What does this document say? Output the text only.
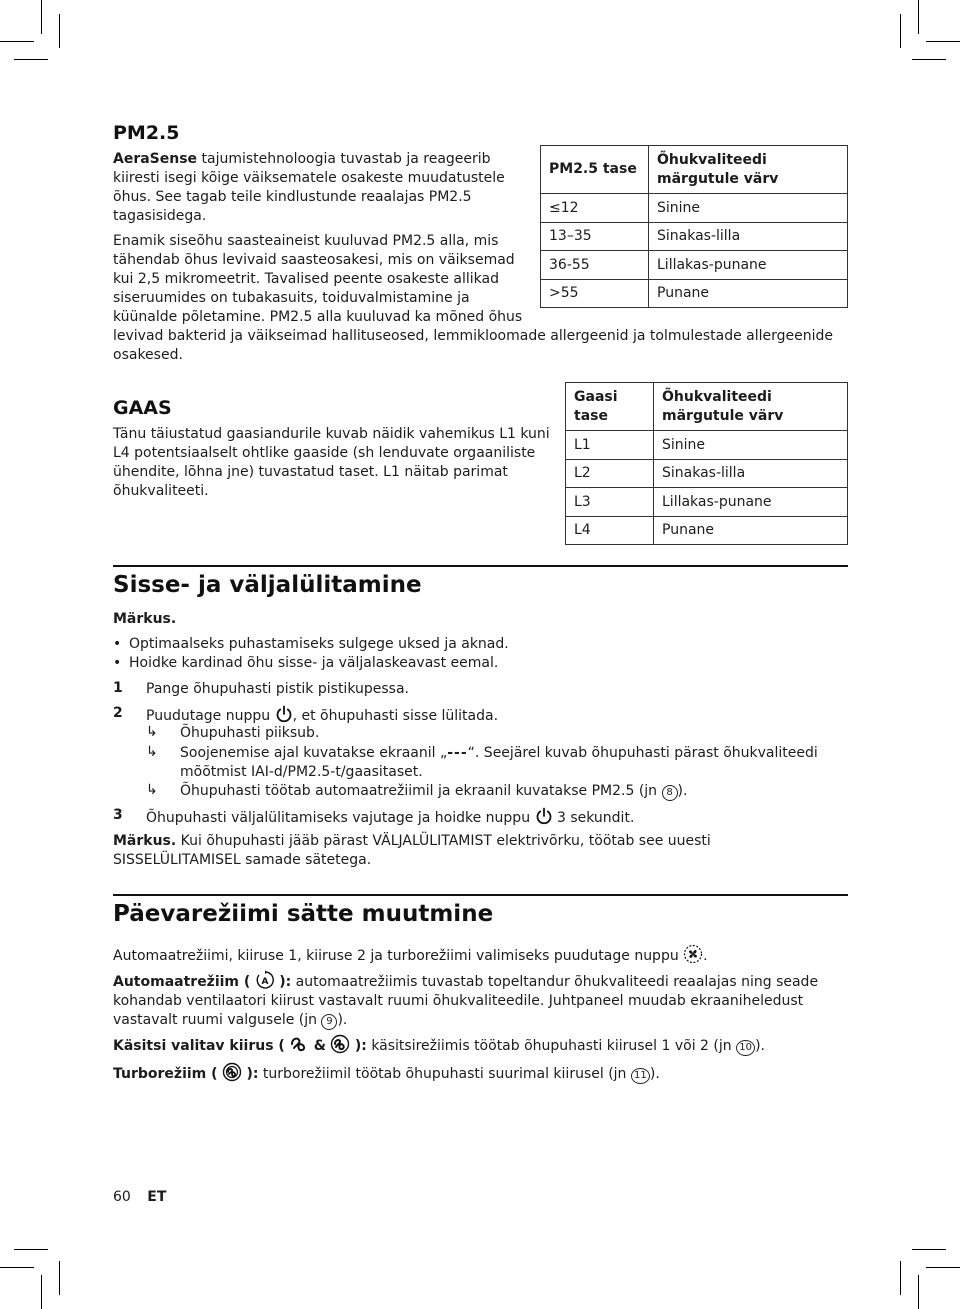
PM2.5
AeraSense tajumistehnoloogia tuvastab ja reageerib
kiiresti isegi kõige väiksematele osakeste muudatustele
õhus. See tagab teile kindlustunde reaalajas PM2.5
tagasisidega.
Enamik siseõhu saasteaineist kuuluvad PM2.5 alla, mis
tähendab õhus levivaid saasteosakesi, mis on väiksemad
kui 2,5 mikromeetrit. Tavalised peente osakeste allikad
siseruumides on tubakasuits, toiduvalmistamine ja
küünalde põletamine. PM2.5 alla kuuluvad ka mõned õhus
levivad bakterid ja väikseimad hallituseosed, lemmikloomade allergeenid ja tolmulestade allergeenide
osakesed.
PM2.5 tase	Õhukvaliteedi märgutule värv
≤12	Sinine
13–35	Sinakas-lilla
36-55	Lillakas-punane
>55	Punane
GAAS
Tänu täiustatud gaasiandurile kuvab näidik vahemikus L1 kuni
L4 potentsiaalselt ohtlike gaaside (sh lenduvate orgaaniliste
ühendite, lõhna jne) tuvastatud taset. L1 näitab parimat
õhukvaliteeti.
Gaasi tase	Õhukvaliteedi märgutule värv
L1	Sinine
L2	Sinakas-lilla
L3	Lillakas-punane
L4	Punane
Sisse- ja väljalülitamine
Märkus.
• Optimaalseks puhastamiseks sulgege uksed ja aknad.
• Hoidke kardinad õhu sisse- ja väljalaskeavast eemal.
1 Pange õhupuhasti pistik pistikupessa.
2 Puudutage nuppu , et õhupuhasti sisse lülitada.
↳ Õhupuhasti piiksub.
↳ Soojenemise ajal kuvatakse ekraanil „---“. Seejärel kuvab õhupuhasti pärast õhukvaliteedi
mõõtmist IAI-d/PM2.5-t/gaasitaset.
↳ Õhupuhasti töötab automaatrežiimil ja ekraanil kuvatakse PM2.5 (jn 8 ).
3 Õhupuhasti väljalülitamiseks vajutage ja hoidke nuppu 3 sekundit.
Märkus. Kui õhupuhasti jääb pärast VÄLJALÜLITAMIST elektrivõrku, töötab see uuesti
SISSELÜLITAMISEL samade sätetega.
Päevarežiimi sätte muutmine
Automaatrežiimi, kiiruse 1, kiiruse 2 ja turborežiimi valimiseks puudutage nuppu .
Automaatrežiim ( A ): automaatrežiimis tuvastab topeltandur õhukvaliteedi reaalajas ning seade
kohandab ventilaatori kiirust vastavalt ruumi õhukvaliteedile. Juhtpaneel muudab ekraaniheledust
vastavalt ruumi valgusele (jn 9 ).
Käsitsi valitav kiirus ( & ): käsitsirežiimis töötab õhupuhasti kiirusel 1 või 2 (jn 10 ).
Turborežiim ( ): turborežiimil töötab õhupuhasti suurimal kiirusel (jn 11 ).
60 ET
